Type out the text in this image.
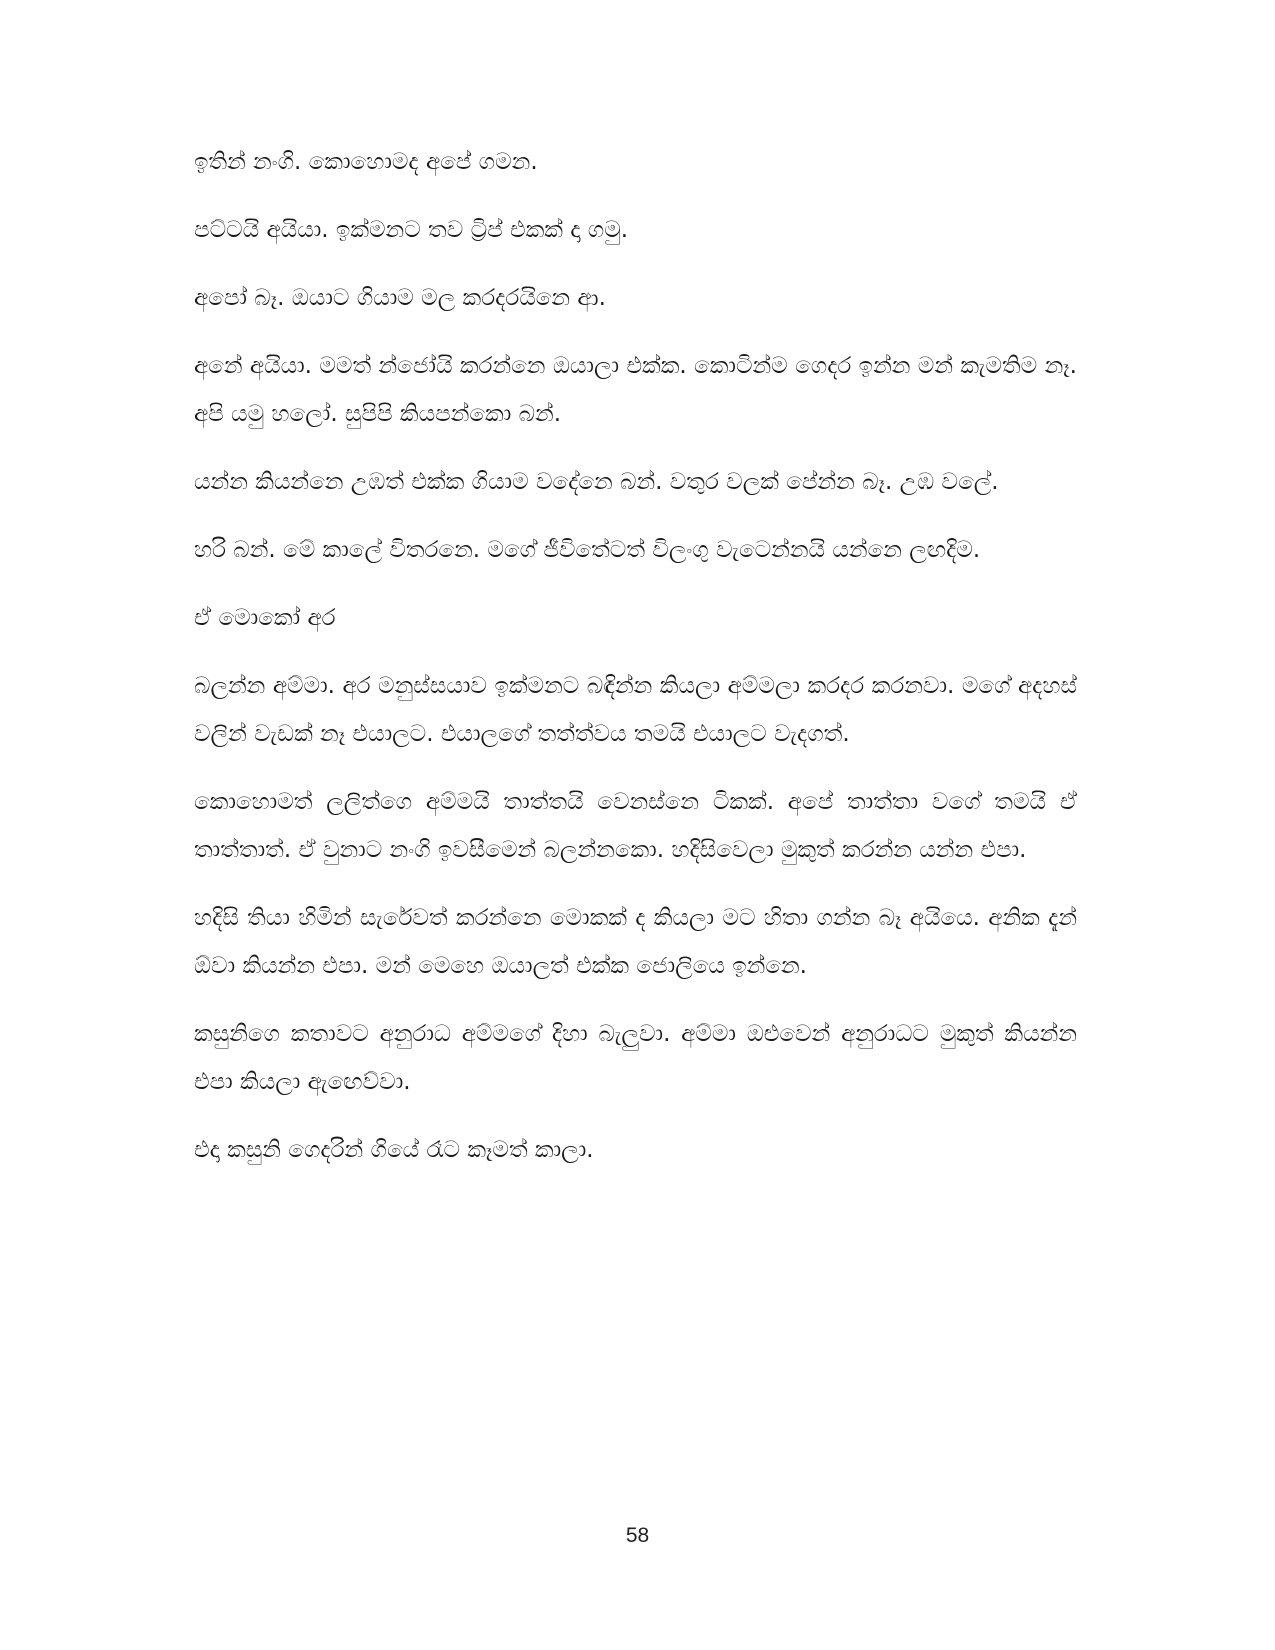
ඉතින් නංගි. කොහොමද අපේ ගමන.

පට්ටයි අයියා. ඉක්මනට තව ට්‍රිප් එකක් දා ගමු.

අපෝ බෑ. ඔයාට ගියාම මල කරදරයිනෙ ආ.

අනේ අයියා. මමත් න්ජෝයි කරන්නෙ ඔයාලා එක්ක. කොටින්ම ගෙදර ඉන්න මන් කැමතිම නෑ. අපි යමු හලෝ. සුපිපි කියපන්කො බන්.

යන්න කියන්නෙ උඹත් එක්ක ගියාම වදේනෙ බන්. වතුර වලක් පේන්න බෑ. උඹ වලේ.

හරි බන්. මේ කාලේ විතරනෙ. මගේ ජීවිතේටත් විලංගු වැටෙන්නයි යන්නෙ ලඟදිම.

ඒ මොකෝ අර

බලන්න අම්මා. අර මනුස්සයාව ඉක්මනට බඳින්න කියලා අම්මලා කරදර කරනවා. මගේ අදහස් වලින් වැඩක් නෑ එයාලට. එයාලගේ තත්ත්වය තමයි එයාලට වැදගත්.

කොහොමත් ලලිත්ගෙ අම්මයි තාත්තයි වෙනස්නෙ ටිකක්. අපේ තාත්තා වගේ තමයි ඒ තාත්තාත්. ඒ වුනාට නංගි ඉවසීමෙන් බලන්නකො. හදිසිවෙලා මුකුත් කරන්න යන්න එපා.

හදිසි තියා හිමින් සැරේවත් කරන්නෙ මොකක් ද කියලා මට හිතා ගන්න බෑ අයියෙ. අනික දැන් ඕවා කියන්න එපා. මන් මෙහෙ ඔයාලත් එක්ක ජොලියෙ ඉන්නෙ.

කසුනිගෙ කතාවට අනුරාධ අම්මගේ දිහා බැලුවා. අම්මා ඔළුවෙන් අනුරාධට මුකුත් කියන්න එපා කියලා ඇඟෙව්වා.

එදා කසුනි ගෙදරින් ගියේ රෑට කෑමත් කාලා.

58
